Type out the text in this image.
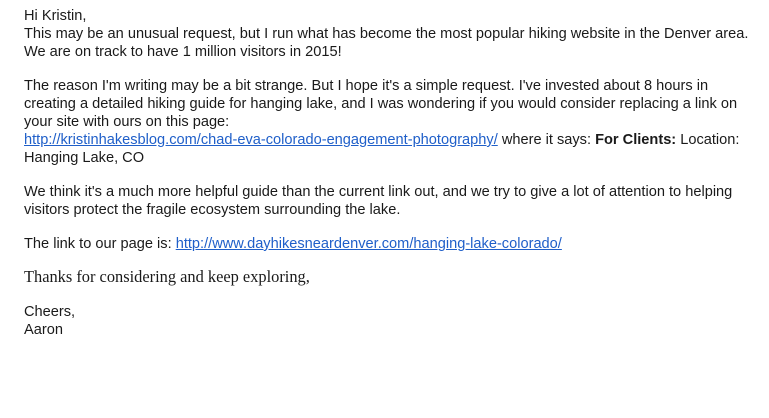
Hi Kristin,

This may be an unusual request, but I run what has become the most popular hiking website in the Denver area. We are on track to have 1 million visitors in 2015!

The reason I'm writing may be a bit strange. But I hope it's a simple request. I've invested about 8 hours in creating a detailed hiking guide for hanging lake, and I was wondering if you would consider replacing a link on your site with ours on this page:
http://kristinhakesblog.com/chad-eva-colorado-engagement-photography/ where it says: For Clients: Location: Hanging Lake, CO

We think it's a much more helpful guide than the current link out, and we try to give a lot of attention to helping visitors protect the fragile ecosystem surrounding the lake.

The link to our page is: http://www.dayhikesneardenver.com/hanging-lake-colorado/

Thanks for considering and keep exploring,

Cheers,

Aaron
